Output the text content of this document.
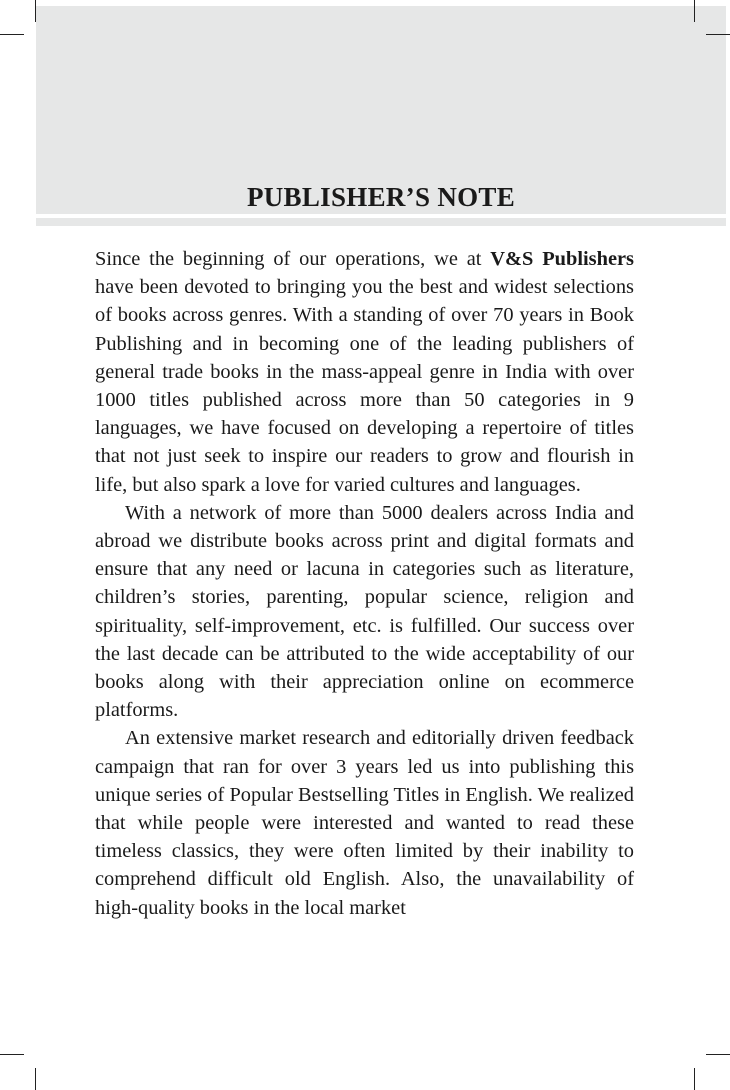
PUBLISHER’S NOTE

Since the beginning of our operations, we at V&S Publishers have been devoted to bringing you the best and widest selections of books across genres. With a standing of over 70 years in Book Publishing and in becoming one of the leading publishers of general trade books in the mass-appeal genre in India with over 1000 titles published across more than 50 categories in 9 languages, we have focused on developing a repertoire of titles that not just seek to inspire our readers to grow and flourish in life, but also spark a love for varied cultures and languages.

With a network of more than 5000 dealers across India and abroad we distribute books across print and digital formats and ensure that any need or lacuna in categories such as literature, children’s stories, parenting, popular science, religion and spirituality, self-improvement, etc. is fulfilled. Our success over the last decade can be attributed to the wide acceptability of our books along with their appreciation online on ecommerce platforms.

An extensive market research and editorially driven feedback campaign that ran for over 3 years led us into publishing this unique series of Popular Bestselling Titles in English. We realized that while people were interested and wanted to read these timeless classics, they were often limited by their inability to comprehend difficult old English. Also, the unavailability of high-quality books in the local market
